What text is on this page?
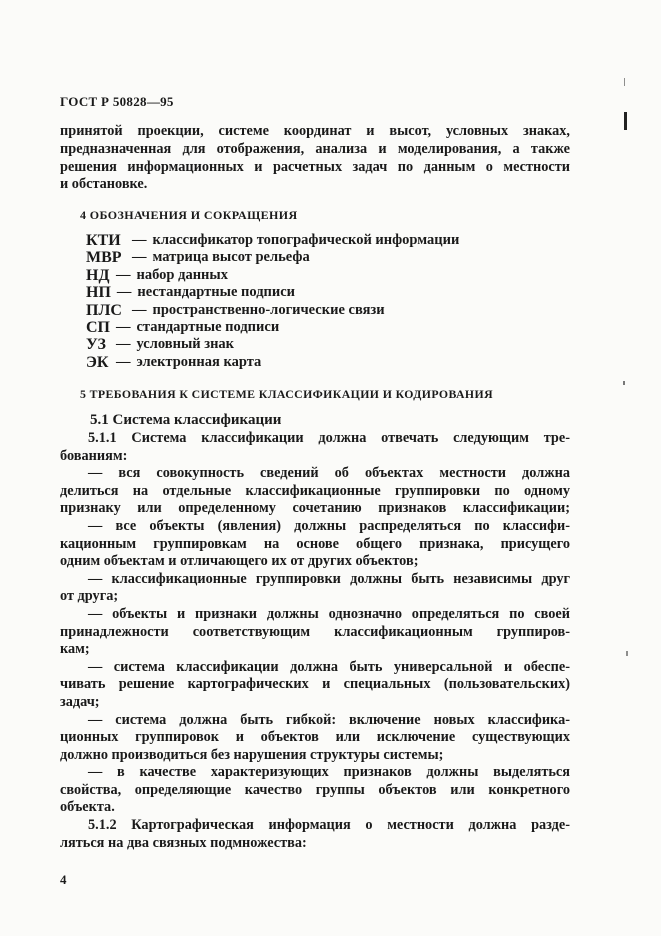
ГОСТ Р 50828—95
принятой проекции, системе координат и высот, условных знаках,
предназначенная для отображения, анализа и моделирования, а также
решения информационных и расчетных задач по данным о местности
и обстановке.
4 ОБОЗНАЧЕНИЯ И СОКРАЩЕНИЯ
КТИ — классификатор топографической информации
МВР — матрица высот рельефа
НД — набор данных
НП — нестандартные подписи
ПЛС — пространственно-логические связи
СП — стандартные подписи
УЗ — условный знак
ЭК — электронная карта
5 ТРЕБОВАНИЯ К СИСТЕМЕ КЛАССИФИКАЦИИ И КОДИРОВАНИЯ
5.1 Система классификации
5.1.1 Система классификации должна отвечать следующим тре-
бованиям:
— вся совокупность сведений об объектах местности должна
делиться на отдельные классификационные группировки по одному
признаку или определенному сочетанию признаков классификации;
— все объекты (явления) должны распределяться по классифи-
кационным группировкам на основе общего признака, присущего
одним объектам и отличающего их от других объектов;
— классификационные группировки должны быть независимы друг
от друга;
— объекты и признаки должны однозначно определяться по своей
принадлежности соответствующим классификационным группиров-
кам;
— система классификации должна быть универсальной и обеспе-
чивать решение картографических и специальных (пользовательских)
задач;
— система должна быть гибкой: включение новых классифика-
ционных группировок и объектов или исключение существующих
должно производиться без нарушения структуры системы;
— в качестве характеризующих признаков должны выделяться
свойства, определяющие качество группы объектов или конкретного
объекта.
5.1.2 Картографическая информация о местности должна разде-
ляться на два связных подмножества:
4
